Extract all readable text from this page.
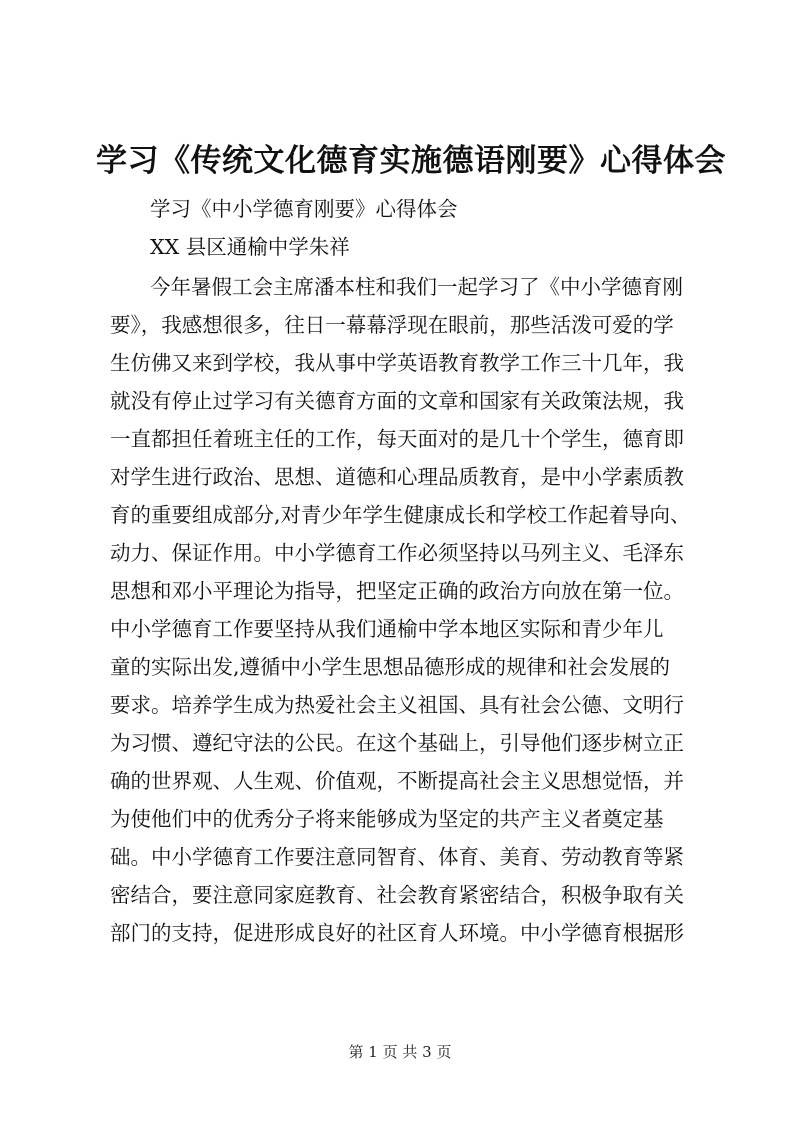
学习《传统文化德育实施德语刚要》心得体会
学习《中小学德育刚要》心得体会
XX 县区通榆中学朱祥
今年暑假工会主席潘本柱和我们一起学习了《中小学德育刚
要》，我感想很多，往日一幕幕浮现在眼前，那些活泼可爱的学
生仿佛又来到学校，我从事中学英语教育教学工作三十几年，我
就没有停止过学习有关德育方面的文章和国家有关政策法规，我
一直都担任着班主任的工作，每天面对的是几十个学生，德育即
对学生进行政治、思想、道德和心理品质教育，是中小学素质教
育的重要组成部分,对青少年学生健康成长和学校工作起着导向、
动力、保证作用。中小学德育工作必须坚持以马列主义、毛泽东
思想和邓小平理论为指导，把坚定正确的政治方向放在第一位。
中小学德育工作要坚持从我们通榆中学本地区实际和青少年儿
童的实际出发,遵循中小学生思想品德形成的规律和社会发展的
要求。培养学生成为热爱社会主义祖国、具有社会公德、文明行
为习惯、遵纪守法的公民。在这个基础上，引导他们逐步树立正
确的世界观、人生观、价值观，不断提高社会主义思想觉悟，并
为使他们中的优秀分子将来能够成为坚定的共产主义者奠定基
础。中小学德育工作要注意同智育、体育、美育、劳动教育等紧
密结合，要注意同家庭教育、社会教育紧密结合，积极争取有关
部门的支持，促进形成良好的社区育人环境。中小学德育根据形
第 1 页 共 3 页
